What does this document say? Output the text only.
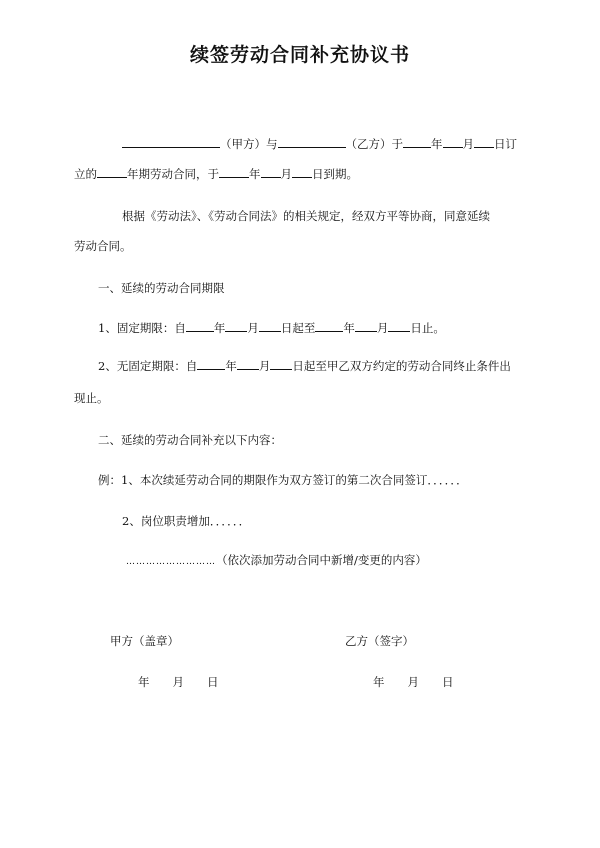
续签劳动合同补充协议书
（甲方）与	（乙方）于 年 月 日订
立的	年期劳动合同，于	年 月 日到期。
根据《劳动法》、《劳动合同法》的相关规定，经双方平等协商，同意延续
劳动合同。
一、延续的劳动合同期限
1、固定期限：自 年 月 日起至 年 月 日止。
2、无固定期限：自 年 月 日起至甲乙双方约定的劳动合同终止条件出
现止。
二、延续的劳动合同补充以下内容：
例：1、本次续延劳动合同的期限作为双方签订的第二次合同签订．．．．．．
2、岗位职责增加．．．．．．
………………………（依次添加劳动合同中新增/变更的内容）
甲方（盖章）	乙方（签字）
年　　月　　日	年　　月　　日
